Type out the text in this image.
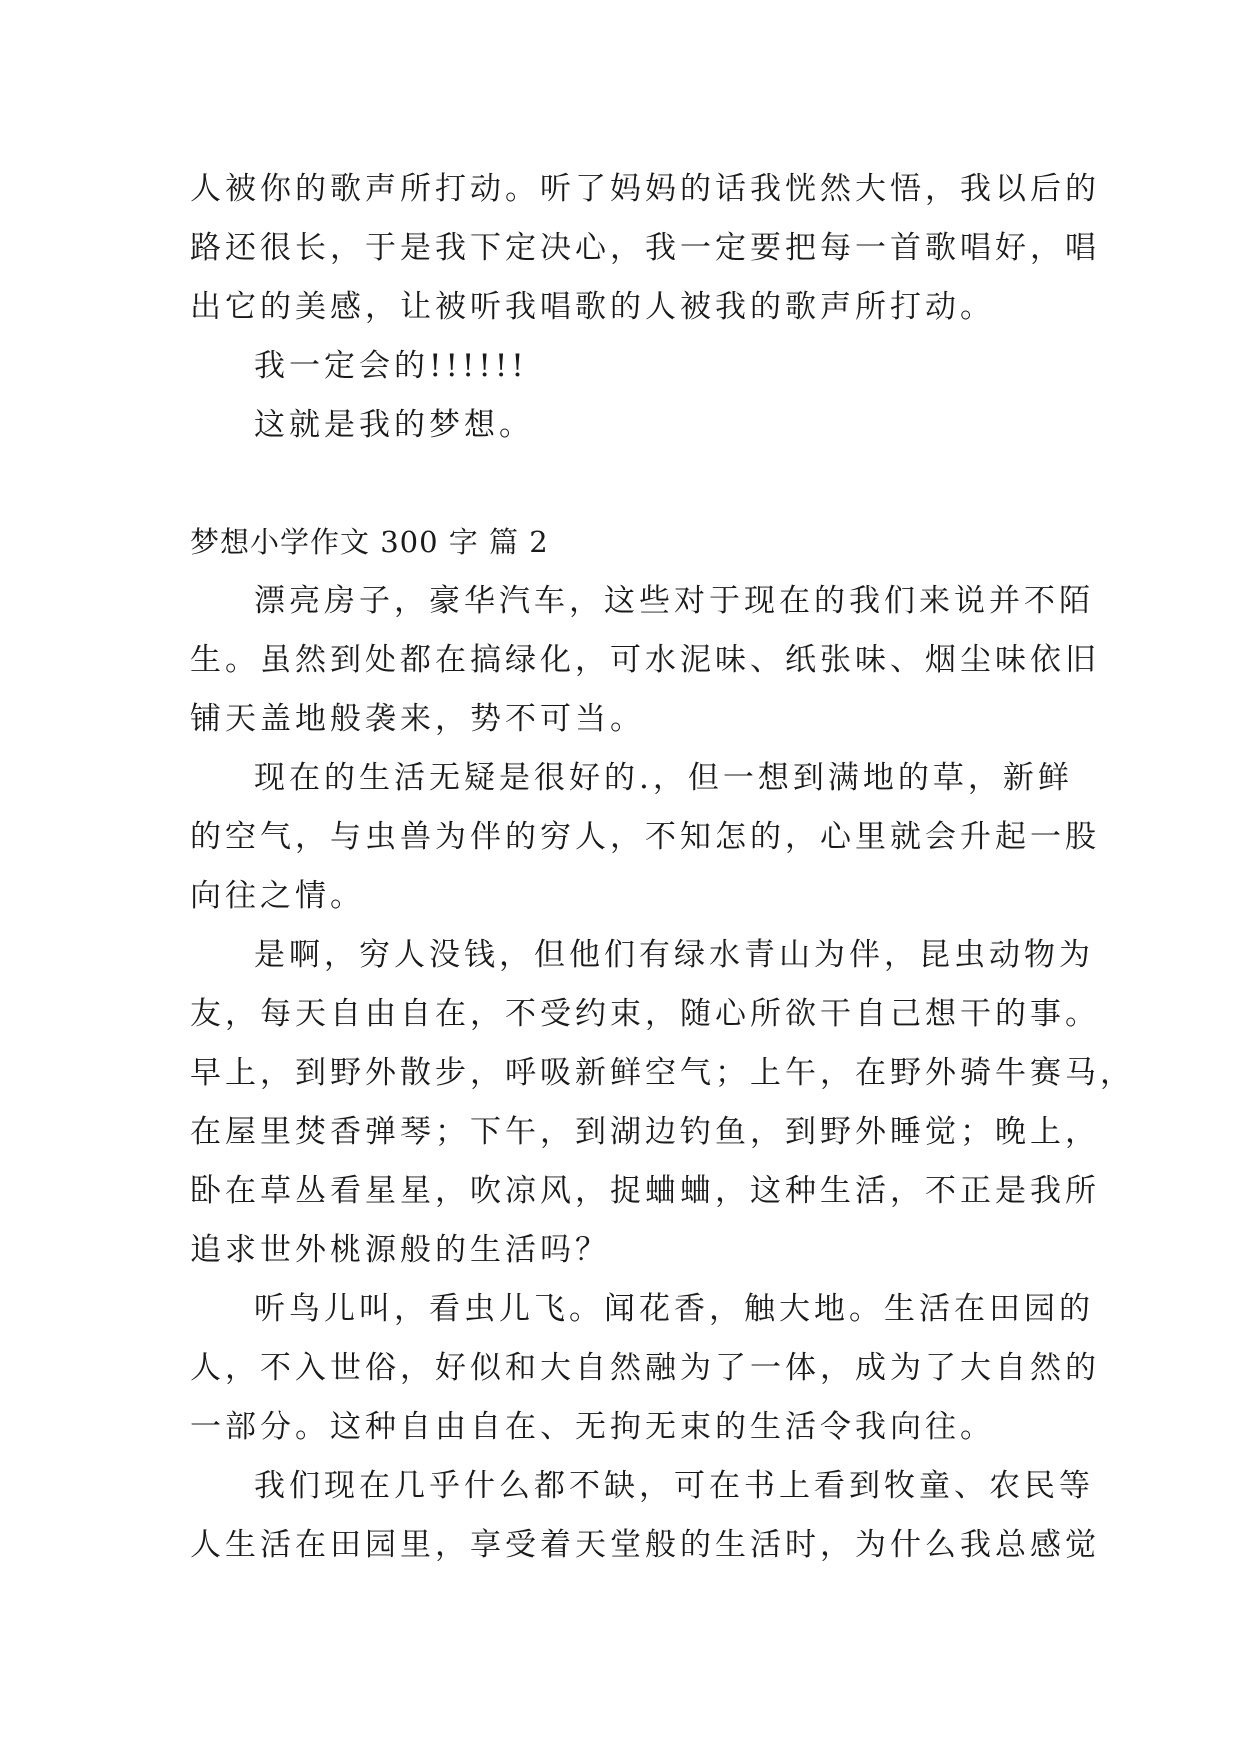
人被你的歌声所打动。听了妈妈的话我恍然大悟，我以后的
路还很长，于是我下定决心，我一定要把每一首歌唱好，唱
出它的美感，让被听我唱歌的人被我的歌声所打动。
我一定会的!!!!!!
这就是我的梦想。
梦想小学作文 300 字 篇 2
漂亮房子，豪华汽车，这些对于现在的我们来说并不陌
生。虽然到处都在搞绿化，可水泥味、纸张味、烟尘味依旧
铺天盖地般袭来，势不可当。
现在的生活无疑是很好的.，但一想到满地的草，新鲜
的空气，与虫兽为伴的穷人，不知怎的，心里就会升起一股
向往之情。
是啊，穷人没钱，但他们有绿水青山为伴，昆虫动物为
友，每天自由自在，不受约束，随心所欲干自己想干的事。
早上，到野外散步，呼吸新鲜空气；上午，在野外骑牛赛马，
在屋里焚香弹琴；下午，到湖边钓鱼，到野外睡觉；晚上，
卧在草丛看星星，吹凉风，捉蛐蛐，这种生活，不正是我所
追求世外桃源般的生活吗？
听鸟儿叫，看虫儿飞。闻花香，触大地。生活在田园的
人，不入世俗，好似和大自然融为了一体，成为了大自然的
一部分。这种自由自在、无拘无束的生活令我向往。
我们现在几乎什么都不缺，可在书上看到牧童、农民等
人生活在田园里，享受着天堂般的生活时，为什么我总感觉
